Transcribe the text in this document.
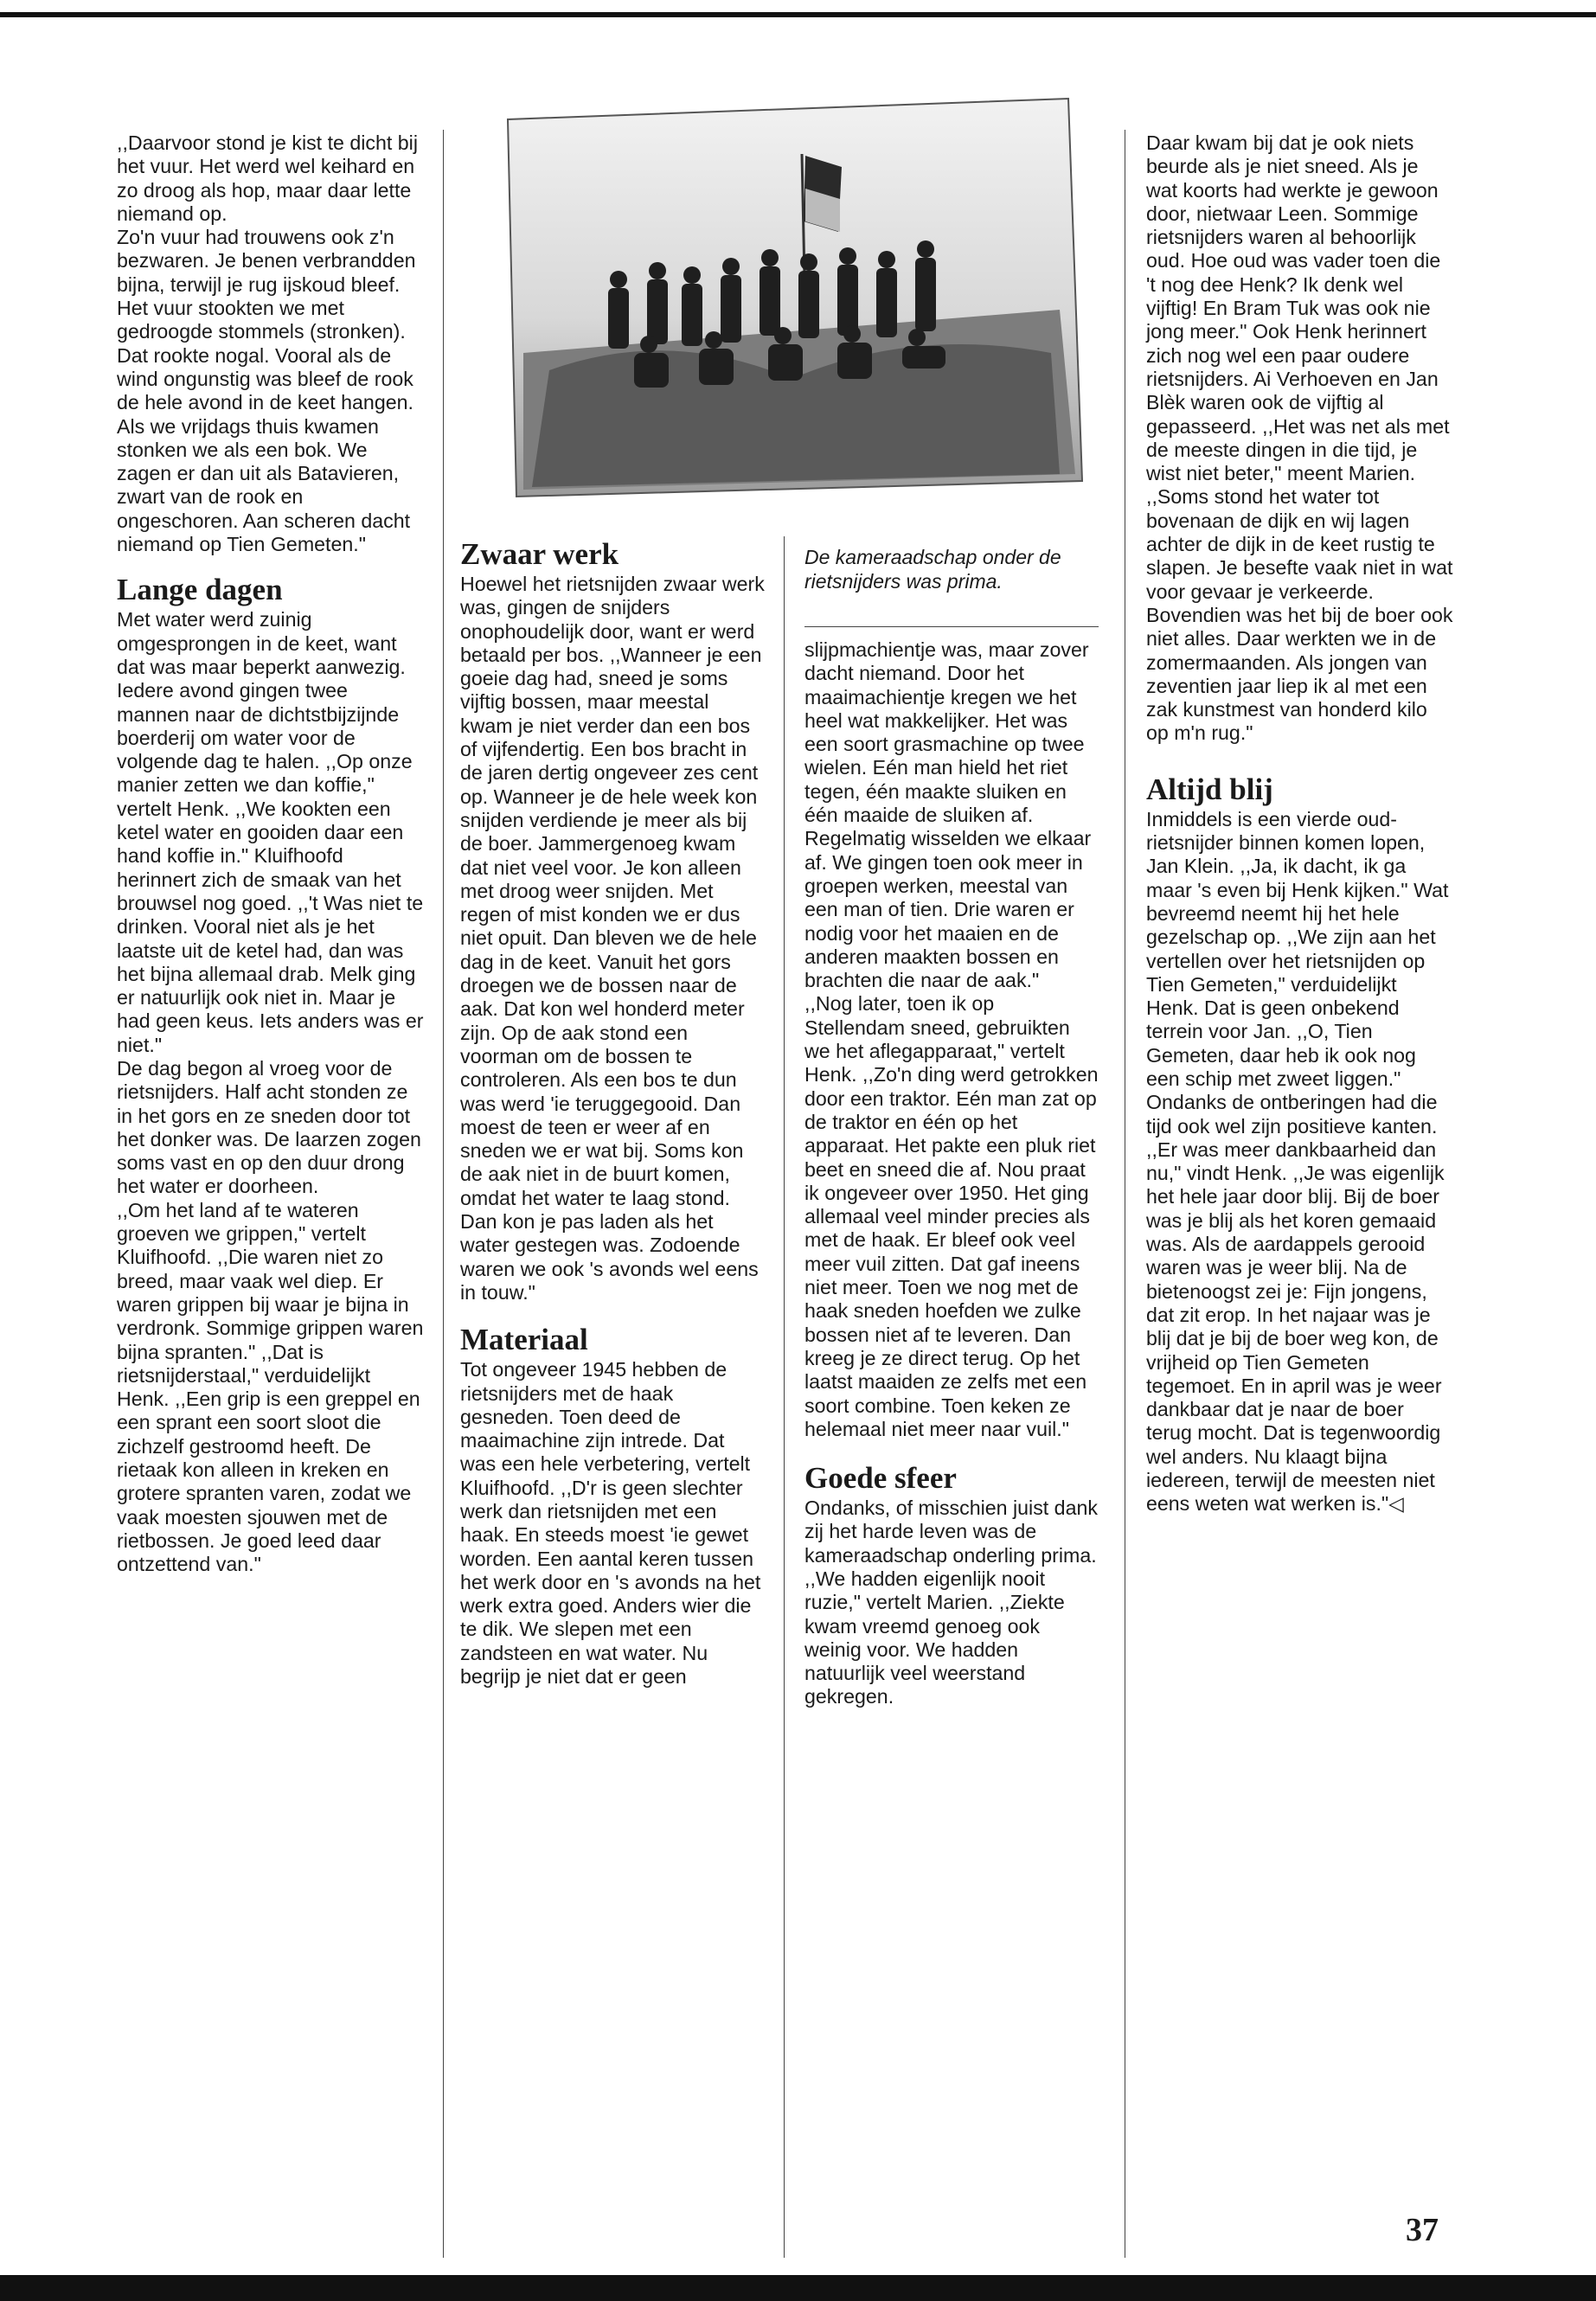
,,Daarvoor stond je kist te dicht bij het vuur. Het werd wel keihard en zo droog als hop, maar daar lette niemand op.

Zo'n vuur had trouwens ook z'n bezwaren. Je benen verbrandden bijna, terwijl je rug ijskoud bleef. Het vuur stookten we met gedroogde stommels (stronken). Dat rookte nogal. Vooral als de wind ongunstig was bleef de rook de hele avond in de keet hangen. Als we vrijdags thuis kwamen stonken we als een bok. We zagen er dan uit als Batavieren, zwart van de rook en ongeschoren. Aan scheren dacht niemand op Tien Gemeten."

Lange dagen

Met water werd zuinig omgesprongen in de keet, want dat was maar beperkt aanwezig. Iedere avond gingen twee mannen naar de dichtstbijzijnde boerderij om water voor de volgende dag te halen. ,,Op onze manier zetten we dan koffie," vertelt Henk. ,,We kookten een ketel water en gooiden daar een hand koffie in." Kluifhoofd herinnert zich de smaak van het brouwsel nog goed. ,,'t Was niet te drinken. Vooral niet als je het laatste uit de ketel had, dan was het bijna allemaal drab. Melk ging er natuurlijk ook niet in. Maar je had geen keus. Iets anders was er niet."

De dag begon al vroeg voor de rietsnijders. Half acht stonden ze in het gors en ze sneden door tot het donker was. De laarzen zogen soms vast en op den duur drong het water er doorheen.

,,Om het land af te wateren groeven we grippen," vertelt Kluifhoofd. ,,Die waren niet zo breed, maar vaak wel diep. Er waren grippen bij waar je bijna in verdronk. Sommige grippen waren bijna spranten." ,,Dat is rietsnijderstaal," verduidelijkt Henk. ,,Een grip is een greppel en een sprant een soort sloot die zichzelf gestroomd heeft. De rietaak kon alleen in kreken en grotere spranten varen, zodat we vaak moesten sjouwen met de rietbossen. Je goed leed daar ontzettend van."

Zwaar werk

Hoewel het rietsnijden zwaar werk was, gingen de snijders onophoudelijk door, want er werd betaald per bos. ,,Wanneer je een goeie dag had, sneed je soms vijftig bossen, maar meestal kwam je niet verder dan een bos of vijfendertig. Een bos bracht in de jaren dertig ongeveer zes cent op. Wanneer je de hele week kon snijden verdiende je meer als bij de boer. Jammergenoeg kwam dat niet veel voor. Je kon alleen met droog weer snijden. Met regen of mist konden we er dus niet opuit. Dan bleven we de hele dag in de keet. Vanuit het gors droegen we de bossen naar de aak. Dat kon wel honderd meter zijn. Op de aak stond een voorman om de bossen te controleren. Als een bos te dun was werd 'ie teruggegooid. Dan moest de teen er weer af en sneden we er wat bij. Soms kon de aak niet in de buurt komen, omdat het water te laag stond. Dan kon je pas laden als het water gestegen was. Zodoende waren we ook 's avonds wel eens in touw."

Materiaal

Tot ongeveer 1945 hebben de rietsnijders met de haak gesneden. Toen deed de maaimachine zijn intrede. Dat was een hele verbetering, vertelt Kluifhoofd. ,,D'r is geen slechter werk dan rietsnijden met een haak. En steeds moest 'ie gewet worden. Een aantal keren tussen het werk door en 's avonds na het werk extra goed. Anders wier die te dik. We slepen met een zandsteen en wat water. Nu begrijp je niet dat er geen

De kameraadschap onder de rietsnijders was prima.

slijpmachientje was, maar zover dacht niemand. Door het maaimachientje kregen we het heel wat makkelijker. Het was een soort grasmachine op twee wielen. Eén man hield het riet tegen, één maakte sluiken en één maaide de sluiken af. Regelmatig wisselden we elkaar af. We gingen toen ook meer in groepen werken, meestal van een man of tien. Drie waren er nodig voor het maaien en de anderen maakten bossen en brachten die naar de aak."

,,Nog later, toen ik op Stellendam sneed, gebruikten we het aflegapparaat," vertelt Henk. ,,Zo'n ding werd getrokken door een traktor. Eén man zat op de traktor en één op het apparaat. Het pakte een pluk riet beet en sneed die af. Nou praat ik ongeveer over 1950. Het ging allemaal veel minder precies als met de haak. Er bleef ook veel meer vuil zitten. Dat gaf ineens niet meer. Toen we nog met de haak sneden hoefden we zulke bossen niet af te leveren. Dan kreeg je ze direct terug. Op het laatst maaiden ze zelfs met een soort combine. Toen keken ze helemaal niet meer naar vuil."

Goede sfeer

Ondanks, of misschien juist dank zij het harde leven was de kameraadschap onderling prima. ,,We hadden eigenlijk nooit ruzie," vertelt Marien. ,,Ziekte kwam vreemd genoeg ook weinig voor. We hadden natuurlijk veel weerstand gekregen.

Daar kwam bij dat je ook niets beurde als je niet sneed. Als je wat koorts had werkte je gewoon door, nietwaar Leen. Sommige rietsnijders waren al behoorlijk oud. Hoe oud was vader toen die 't nog dee Henk? Ik denk wel vijftig! En Bram Tuk was ook nie jong meer." Ook Henk herinnert zich nog wel een paar oudere rietsnijders. Ai Verhoeven en Jan Blèk waren ook de vijftig al gepasseerd. ,,Het was net als met de meeste dingen in die tijd, je wist niet beter," meent Marien. ,,Soms stond het water tot bovenaan de dijk en wij lagen achter de dijk in de keet rustig te slapen. Je besefte vaak niet in wat voor gevaar je verkeerde. Bovendien was het bij de boer ook niet alles. Daar werkten we in de zomermaanden. Als jongen van zeventien jaar liep ik al met een zak kunstmest van honderd kilo op m'n rug."

Altijd blij

Inmiddels is een vierde oud-rietsnijder binnen komen lopen, Jan Klein. ,,Ja, ik dacht, ik ga maar 's even bij Henk kijken." Wat bevreemd neemt hij het hele gezelschap op. ,,We zijn aan het vertellen over het rietsnijden op Tien Gemeten," verduidelijkt Henk. Dat is geen onbekend terrein voor Jan. ,,O, Tien Gemeten, daar heb ik ook nog een schip met zweet liggen." Ondanks de ontberingen had die tijd ook wel zijn positieve kanten. ,,Er was meer dankbaarheid dan nu," vindt Henk. ,,Je was eigenlijk het hele jaar door blij. Bij de boer was je blij als het koren gemaaid was. Als de aardappels gerooid waren was je weer blij. Na de bietenoogst zei je: Fijn jongens, dat zit erop. In het najaar was je blij dat je bij de boer weg kon, de vrijheid op Tien Gemeten tegemoet. En in april was je weer dankbaar dat je naar de boer terug mocht. Dat is tegenwoordig wel anders. Nu klaagt bijna iedereen, terwijl de meesten niet eens weten wat werken is."◁

37
